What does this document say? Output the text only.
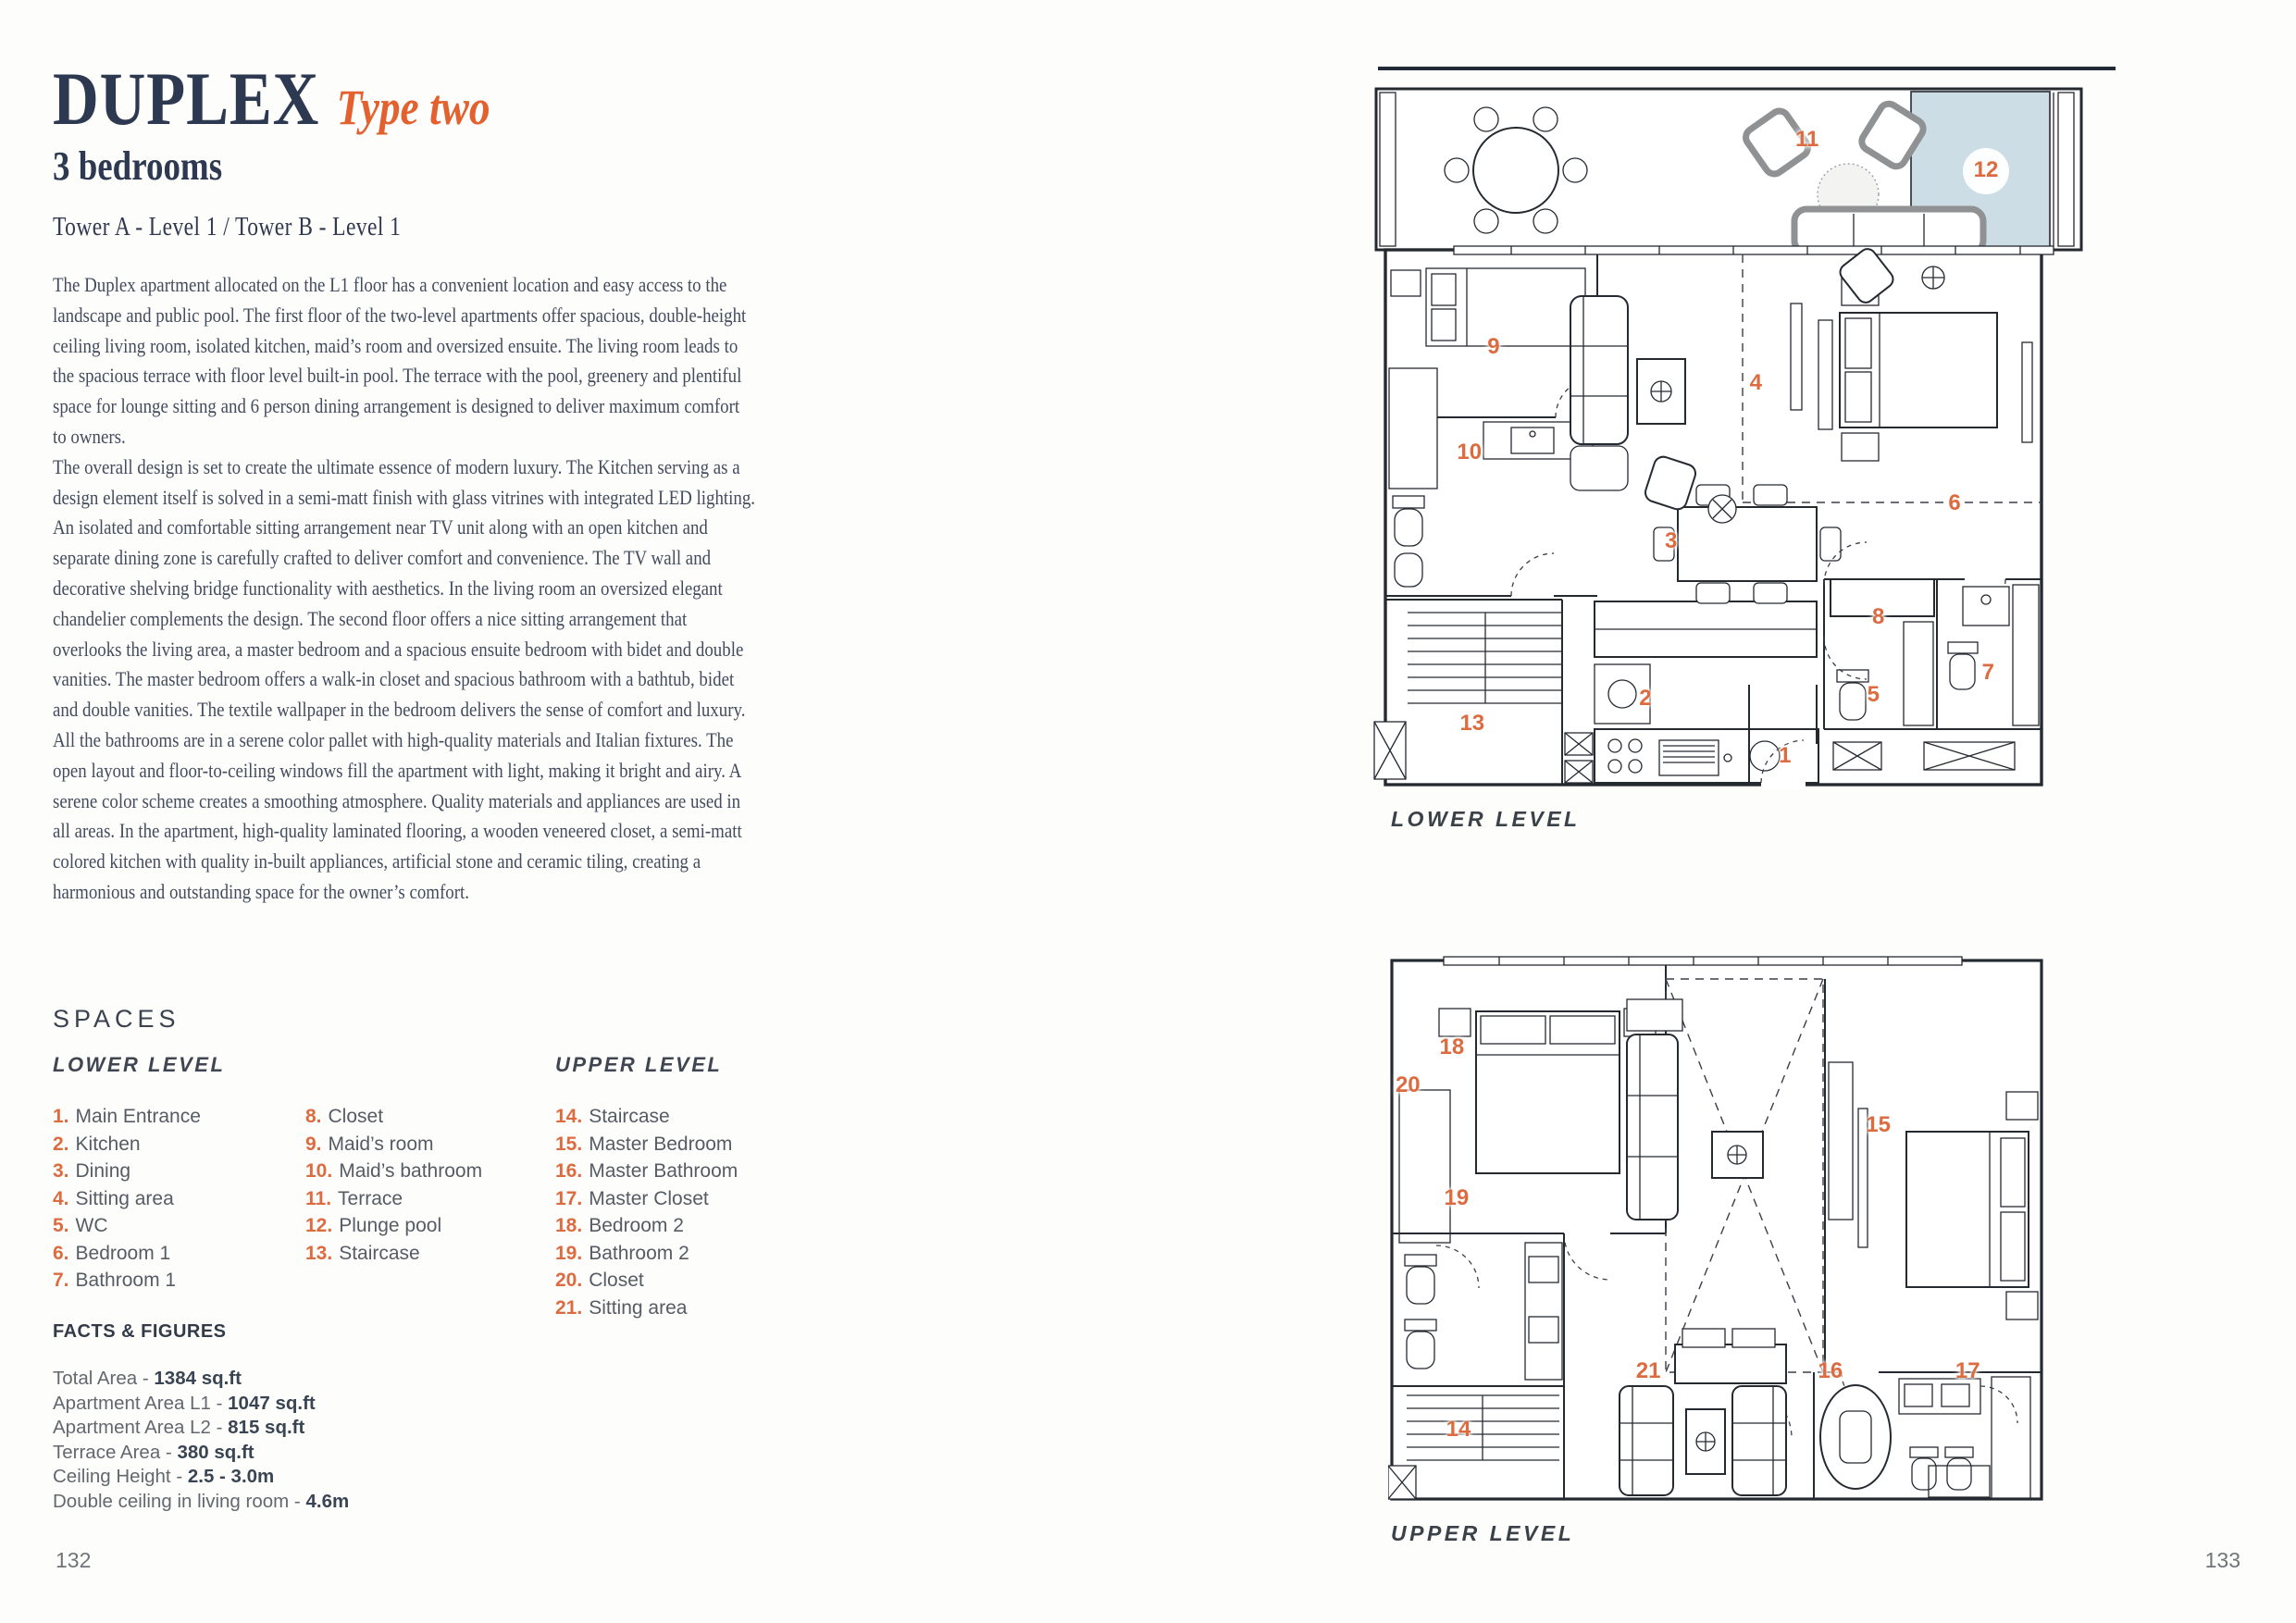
DUPLEX Type two
3 bedrooms
Tower A - Level 1 / Tower B - Level 1

The Duplex apartment allocated on the L1 floor has a convenient location and easy access to the landscape and public pool. The first floor of the two-level apartments offer spacious, double-height ceiling living room, isolated kitchen, maid’s room and oversized ensuite. The living room leads to the spacious terrace with floor level built-in pool. The terrace with the pool, greenery and plentiful space for lounge sitting and 6 person dining arrangement is designed to deliver maximum comfort to owners.

The overall design is set to create the ultimate essence of modern luxury. The Kitchen serving as a design element itself is solved in a semi-matt finish with glass vitrines with integrated LED lighting.

An isolated and comfortable sitting arrangement near TV unit along with an open kitchen and separate dining zone is carefully crafted to deliver comfort and convenience. The TV wall and decorative shelving bridge functionality with aesthetics. In the living room an oversized elegant chandelier complements the design. The second floor offers a nice sitting arrangement that overlooks the living area, a master bedroom and a spacious ensuite bedroom with bidet and double vanities. The master bedroom offers a walk-in closet and spacious bathroom with a bathtub, bidet and double vanities. The textile wallpaper in the bedroom delivers the sense of comfort and luxury. All the bathrooms are in a serene color pallet with high-quality materials and Italian fixtures. The open layout and floor-to-ceiling windows fill the apartment with light, making it bright and airy. A serene color scheme creates a smoothing atmosphere. Quality materials and appliances are used in all areas. In the apartment, high-quality laminated flooring, a wooden veneered closet, a semi-matt colored kitchen with quality in-built appliances, artificial stone and ceramic tiling, creating a harmonious and outstanding space for the owner’s comfort.

SPACES
LOWER LEVEL
1. Main Entrance
2. Kitchen
3. Dining
4. Sitting area
5. WC
6. Bedroom 1
7. Bathroom 1

8. Closet
9. Maid’s room
10. Maid’s bathroom
11. Terrace
12. Plunge pool
13. Staircase
UPPER LEVEL
14. Staircase
15. Master Bedroom
16. Master Bathroom
17. Master Closet
18. Bedroom 2
19. Bathroom 2
20. Closet
21. Sitting area
FACTS & FIGURES
Total Area - 1384 sq.ft
Apartment Area L1 - 1047 sq.ft
Apartment Area L2 - 815 sq.ft
Terrace Area - 380 sq.ft
Ceiling Height - 2.5 - 3.0m
Double ceiling in living room - 4.6m
132	133
1
2
3
4
5
6
7
8
9
10
11
12
13
14
15
16	17
18
19
20
21
LOWER LEVEL
UPPER LEVEL
